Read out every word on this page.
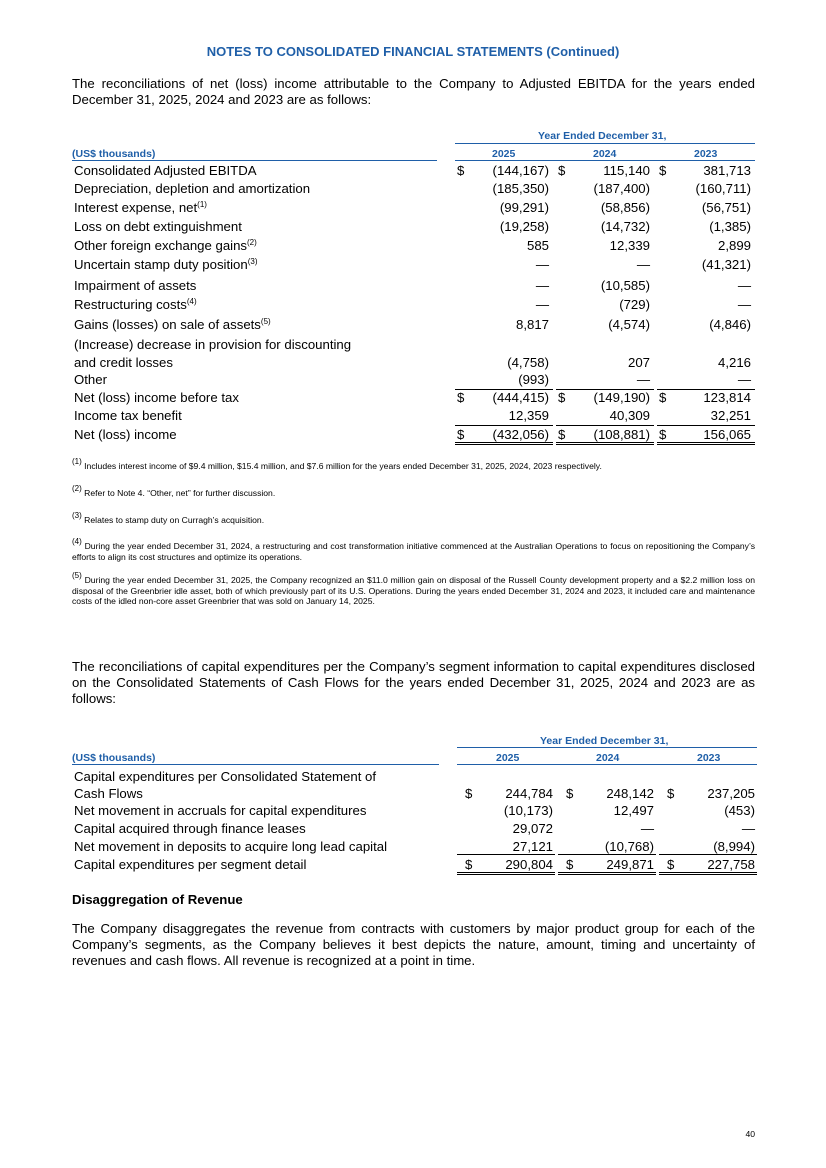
NOTES TO CONSOLIDATED FINANCIAL STATEMENTS (Continued)
The reconciliations of net (loss) income attributable to the Company to Adjusted EBITDA for the years ended December 31, 2025, 2024 and 2023 are as follows:
Year Ended December 31,
(US$ thousands)	2025	2024	2023
Consolidated Adjusted EBITDA	$	(144,167) $	115,140 $	381,713
Depreciation, depletion and amortization	(185,350)	(187,400)	(160,711)
Interest expense, net$^{(1)}$	(99,291)	(58,856)	(56,751)
Loss on debt extinguishment	(19,258)	(14,732)	(1,385)
Other foreign exchange gains$^{(2)}$	585	12,339	2,899
Uncertain stamp duty position$^{(3)}$	—	—	(41,321)
Impairment of assets	—	(10,585)	—
Restructuring costs$^{(4)}$	—	(729)	—
Gains (losses) on sale of assets$^{(5)}$	8,817	(4,574)	(4,846)
(Increase) decrease in provision for discounting
and credit losses	(4,758)	207	4,216
Other	(993)	—	—
Net (loss) income before tax	$	(444,415) $	(149,190) $	123,814
Income tax benefit	12,359	40,309	32,251
Net (loss) income	$	(432,056) $	(108,881) $	156,065
$^{(1)}$ Includes interest income of $9.4 million, $15.4 million, and $7.6 million for the years ended December 31, 2025, 2024, 2023 respectively.
$^{(2)}$ Refer to Note 4. “Other, net” for further discussion.
$^{(3)}$ Relates to stamp duty on Curragh’s acquisition.
$^{(4)}$ During the year ended December 31, 2024, a restructuring and cost transformation initiative commenced at the Australian Operations to focus on repositioning the Company’s efforts to align its cost structures and optimize its operations.
$^{(5)}$ During the year ended December 31, 2025, the Company recognized an $11.0 million gain on disposal of the Russell County development property and a $2.2 million loss on disposal of the Greenbrier idle asset, both of which previously part of its U.S. Operations. During the years ended December 31, 2024 and 2023, it included care and maintenance costs of the idled non-core asset Greenbrier that was sold on January 14, 2025.
The reconciliations of capital expenditures per the Company’s segment information to capital expenditures disclosed on the Consolidated Statements of Cash Flows for the years ended December 31, 2025, 2024 and 2023 are as follows:
Year Ended December 31,
(US$ thousands)	2025	2024	2023
Capital expenditures per Consolidated Statement of
Cash Flows	$	244,784 $	248,142 $	237,205
Net movement in accruals for capital expenditures	(10,173)	12,497	(453)
Capital acquired through finance leases	29,072	—	—
Net movement in deposits to acquire long lead capital	27,121	(10,768)	(8,994)
Capital expenditures per segment detail	$	290,804 $	249,871 $	227,758
Disaggregation of Revenue
The Company disaggregates the revenue from contracts with customers by major product group for each of the Company’s segments, as the Company believes it best depicts the nature, amount, timing and uncertainty of revenues and cash flows. All revenue is recognized at a point in time.
40
